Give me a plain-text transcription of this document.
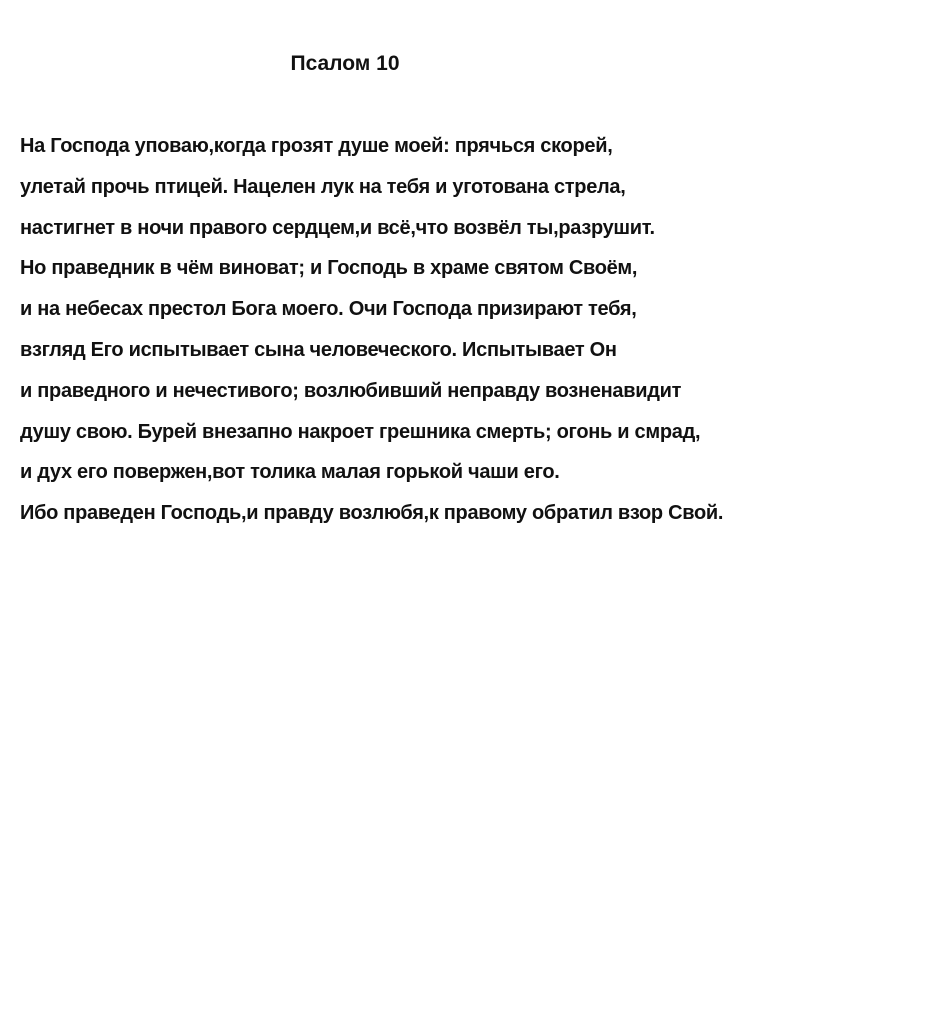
Псалом 10
На Господа уповаю,когда грозят душе моей: прячься скорей,
улетай прочь птицей. Нацелен лук на тебя и уготована стрела,
настигнет в ночи правого сердцем,и всё,что возвёл ты,разрушит.
Но праведник в чём виноват; и Господь в храме святом Своём,
и на небесах престол Бога моего. Очи Господа призирают тебя,
взгляд Его испытывает сына человеческого. Испытывает Он
и праведного и нечестивого; возлюбивший неправду возненавидит
душу свою. Бурей внезапно накроет грешника смерть; огонь и смрад,
и дух его повержен,вот толика малая горькой чаши его.
Ибо праведен Господь,и правду возлюбя,к правому обратил взор Свой.
